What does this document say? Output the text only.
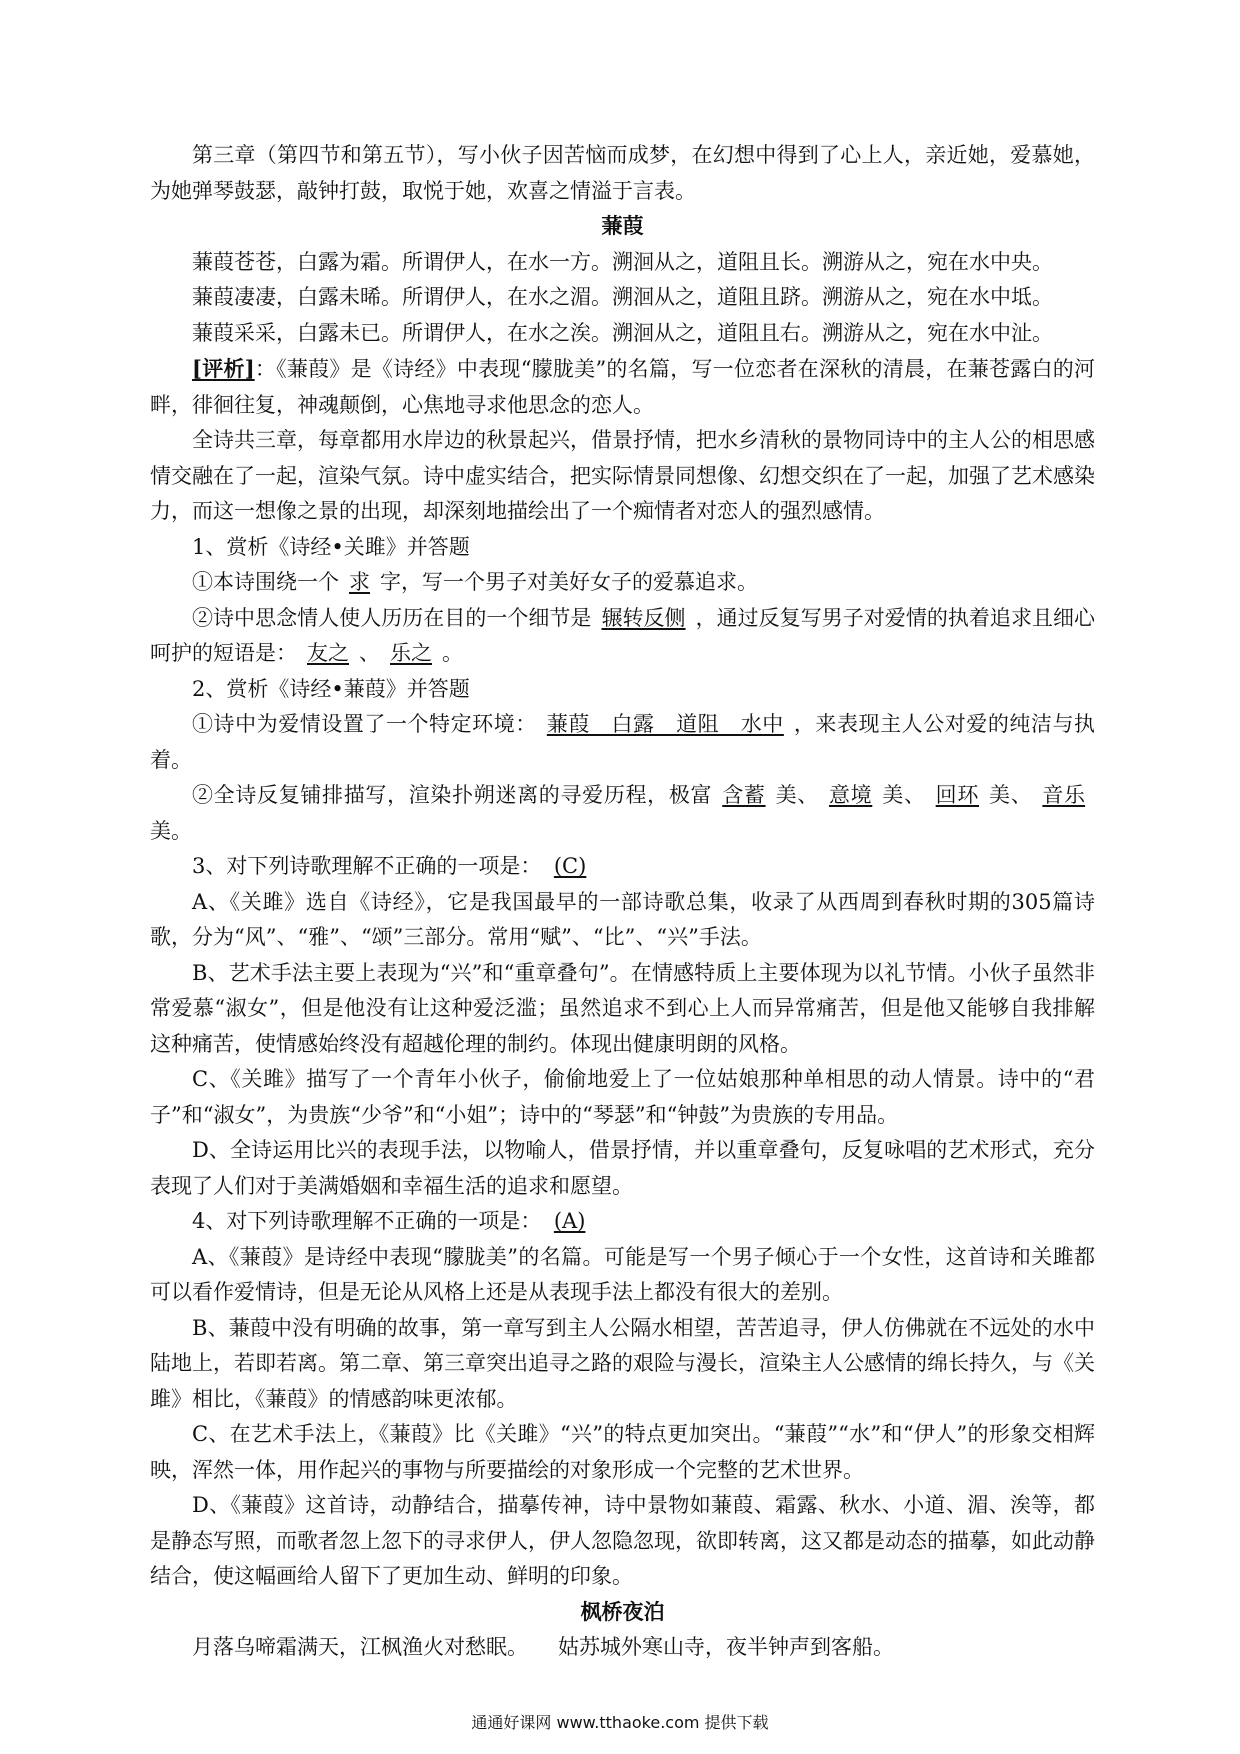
第三章（第四节和第五节），写小伙子因苦恼而成梦，在幻想中得到了心上人，亲近她，爱慕她，为她弹琴鼓瑟，敲钟打鼓，取悦于她，欢喜之情溢于言表。

蒹葭

蒹葭苍苍，白露为霜。所谓伊人，在水一方。溯洄从之，道阻且长。溯游从之，宛在水中央。

蒹葭凄凄，白露未晞。所谓伊人，在水之湄。溯洄从之，道阻且跻。溯游从之，宛在水中坻。

蒹葭采采，白露未已。所谓伊人，在水之涘。溯洄从之，道阻且右。溯游从之，宛在水中沚。

[评析]：《蒹葭》是《诗经》中表现“朦胧美”的名篇，写一位恋者在深秋的清晨，在蒹苍露白的河畔，徘徊往复，神魂颠倒，心焦地寻求他思念的恋人。

全诗共三章，每章都用水岸边的秋景起兴，借景抒情，把水乡清秋的景物同诗中的主人公的相思感情交融在了一起，渲染气氛。诗中虚实结合，把实际情景同想像、幻想交织在了一起，加强了艺术感染力，而这一想像之景的出现，却深刻地描绘出了一个痴情者对恋人的强烈感情。

1、赏析《诗经•关雎》并答题

①本诗围绕一个 求 字，写一个男子对美好女子的爱慕追求。

②诗中思念情人使人历历在目的一个细节是 辗转反侧 ，通过反复写男子对爱情的执着追求且细心呵护的短语是： 友之 、 乐之 。

2、赏析《诗经•蒹葭》并答题

①诗中为爱情设置了一个特定环境： 蒹葭　白露　道阻　水中 ，来表现主人公对爱的纯洁与执着。

②全诗反复铺排描写，渲染扑朔迷离的寻爱历程，极富 含蓄 美、 意境 美、 回环 美、 音乐美。

3、对下列诗歌理解不正确的一项是：　 (C)

A、《关雎》选自《诗经》，它是我国最早的一部诗歌总集，收录了从西周到春秋时期的305篇诗歌，分为“风”、“雅”、“颂”三部分。常用“赋”、“比”、“兴”手法。

B、艺术手法主要上表现为“兴”和“重章叠句”。在情感特质上主要体现为以礼节情。小伙子虽然非常爱慕“淑女”，但是他没有让这种爱泛滥；虽然追求不到心上人而异常痛苦，但是他又能够自我排解这种痛苦，使情感始终没有超越伦理的制约。体现出健康明朗的风格。

C、《关雎》描写了一个青年小伙子，偷偷地爱上了一位姑娘那种单相思的动人情景。诗中的“君子”和“淑女”，为贵族“少爷”和“小姐”；诗中的“琴瑟”和“钟鼓”为贵族的专用品。

D、全诗运用比兴的表现手法，以物喻人，借景抒情，并以重章叠句，反复咏唱的艺术形式，充分表现了人们对于美满婚姻和幸福生活的追求和愿望。

4、对下列诗歌理解不正确的一项是：　 (A)

A、《蒹葭》是诗经中表现“朦胧美”的名篇。可能是写一个男子倾心于一个女性，这首诗和关雎都可以看作爱情诗，但是无论从风格上还是从表现手法上都没有很大的差别。

B、蒹葭中没有明确的故事，第一章写到主人公隔水相望，苦苦追寻，伊人仿佛就在不远处的水中陆地上，若即若离。第二章、第三章突出追寻之路的艰险与漫长，渲染主人公感情的绵长持久，与《关雎》相比，《蒹葭》的情感韵味更浓郁。

C、在艺术手法上，《蒹葭》比《关雎》“兴”的特点更加突出。“蒹葭”“水”和“伊人”的形象交相辉映，浑然一体，用作起兴的事物与所要描绘的对象形成一个完整的艺术世界。

D、《蒹葭》这首诗，动静结合，描摹传神，诗中景物如蒹葭、霜露、秋水、小道、湄、涘等，都是静态写照，而歌者忽上忽下的寻求伊人，伊人忽隐忽现，欲即转离，这又都是动态的描摹，如此动静结合，使这幅画给人留下了更加生动、鲜明的印象。

枫桥夜泊

月落乌啼霜满天，江枫渔火对愁眠。 姑苏城外寒山寺，夜半钟声到客船。

通通好课网 www.tthaoke.com 提供下载
